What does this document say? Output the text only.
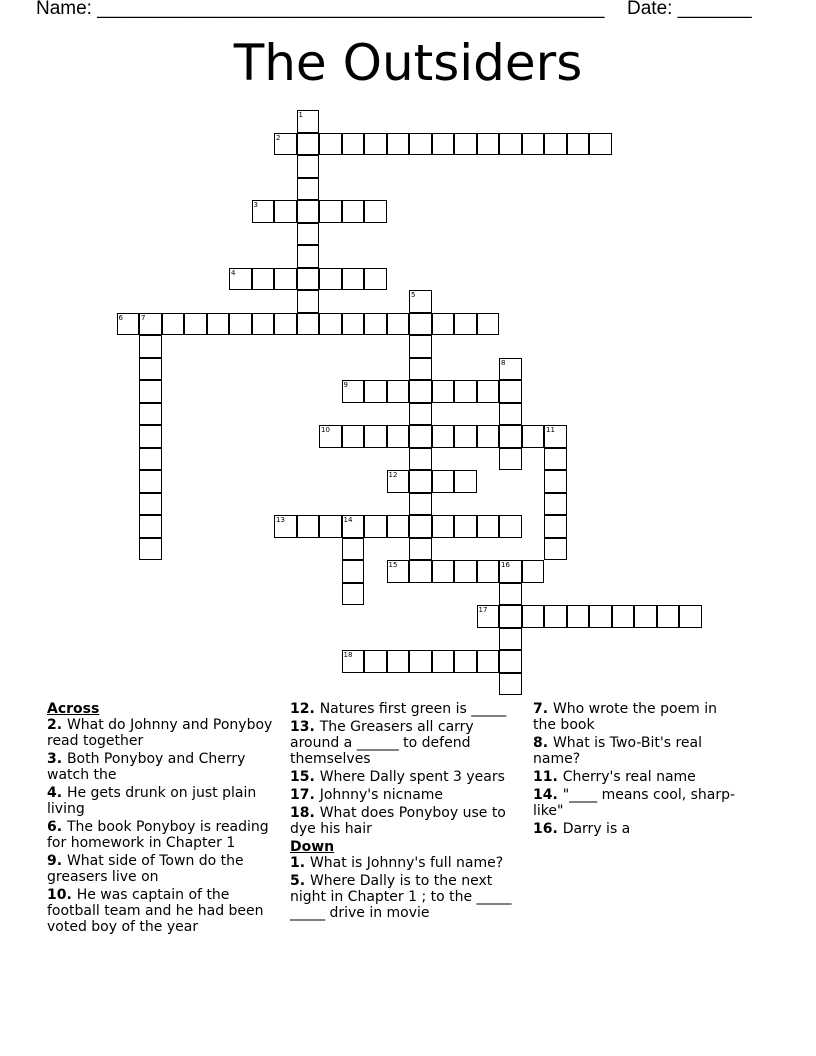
Name: ________________________________________________ Date: _______
The Outsiders
1
2
3
4
5
6	7
8
9
10	11
12
13	14
15	16
17
18
Across
2. What do Johnny and Ponyboy read together
3. Both Ponyboy and Cherry watch the
4. He gets drunk on just plain living
6. The book Ponyboy is reading for homework in Chapter 1
9. What side of Town do the greasers live on
10. He was captain of the football team and he had been voted boy of the year
12. Natures first green is _____
13. The Greasers all carry around a ______ to defend themselves
15. Where Dally spent 3 years
17. Johnny's nicname
18. What does Ponyboy use to dye his hair
Down
1. What is Johnny's full name?
5. Where Dally is to the next night in Chapter 1 ; to the _____ _____ drive in movie
7. Who wrote the poem in the book
8. What is Two-Bit's real name?
11. Cherry's real name
14. "____ means cool, sharp-like"
16. Darry is a
